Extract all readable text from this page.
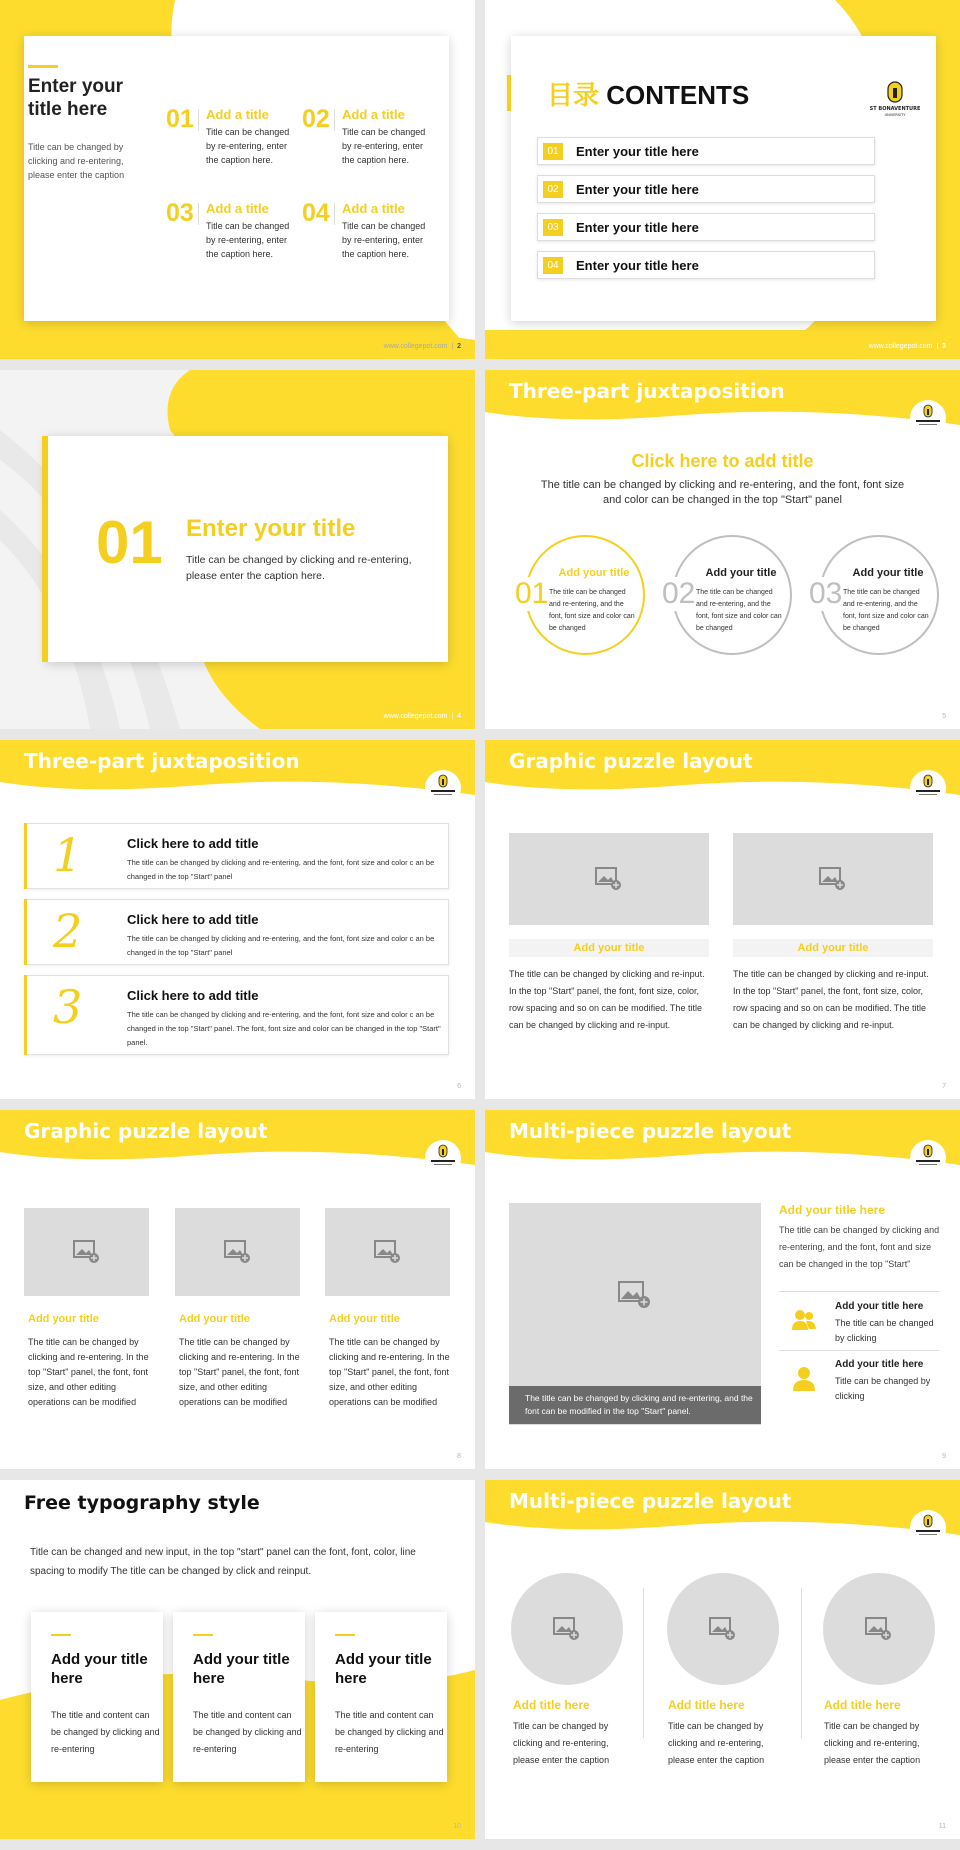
Enter your title here
Title can be changed by clicking and re-entering, please enter the caption
01 Add a title
Title can be changed by re-entering, enter the caption here.
02 Add a title
Title can be changed by re-entering, enter the caption here.
03 Add a title
Title can be changed by re-entering, enter the caption here.
04 Add a title
Title can be changed by re-entering, enter the caption here.
www.collegepot.com  |  2
目录 CONTENTS	ST BONAVENTURE
UNIVERSITY
01	Enter your title here
02	Enter your title here
03	Enter your title here
04	Enter your title here
www.collegepot.com  |  3
01 Enter your title
Title can be changed by clicking and re-entering, please enter the caption here.
www.collegepot.com  |  4
Three-part juxtaposition
Click here to add title
The title can be changed by clicking and re-entering, and the font, font size and color can be changed in the top "Start" panel
01
Add your title
The title can be changed and re-entering, and the font, font size and color can be changed
02
Add your title
The title can be changed and re-entering, and the font, font size and color can be changed
03
Add your title
The title can be changed and re-entering, and the font, font size and color can be changed
5
Three-part juxtaposition
1	Click here to add title
The title can be changed by clicking and re-entering, and the font, font size and color c an be changed in the top "Start" panel
2	Click here to add title
The title can be changed by clicking and re-entering, and the font, font size and color c an be changed in the top "Start" panel
3	Click here to add title
The title can be changed by clicking and re-entering, and the font, font size and color c an be changed in the top "Start" panel. The font, font size and color can be changed in the top "Start" panel.
6
Graphic puzzle layout
Add your title	Add your title
The title can be changed by clicking and re-input. In the top "Start" panel, the font, font size, color, row spacing and so on can be modified. The title can be changed by clicking and re-input.
The title can be changed by clicking and re-input. In the top "Start" panel, the font, font size, color, row spacing and so on can be modified. The title can be changed by clicking and re-input.
7
Graphic puzzle layout
Add your title	Add your title	Add your title
The title can be changed by clicking and re-entering. In the top "Start" panel, the font, font size, and other editing operations can be modified
The title can be changed by clicking and re-entering. In the top "Start" panel, the font, font size, and other editing operations can be modified
The title can be changed by clicking and re-entering. In the top "Start" panel, the font, font size, and other editing operations can be modified
8
Multi-piece puzzle layout
The title can be changed by clicking and re-entering, and the font can be modified in the top "Start" panel.
Add your title here
The title can be changed by clicking and re-entering, and the font, font and size can be changed in the top "Start"
Add your title here
The title can be changed by clicking
Add your title here
Title can be changed by clicking
9
Free typography style
Title can be changed and new input, in the top "start" panel can the font, font, color, line spacing to modify The title can be changed by click and reinput.
Add your title here
The title and content can be changed by clicking and re-entering
Add your title here
The title and content can be changed by clicking and re-entering
Add your title here
The title and content can be changed by clicking and re-entering
10
Multi-piece puzzle layout
Add title here	Add title here	Add title here
Title can be changed by clicking and re-entering, please enter the caption
Title can be changed by clicking and re-entering, please enter the caption
Title can be changed by clicking and re-entering, please enter the caption
11
